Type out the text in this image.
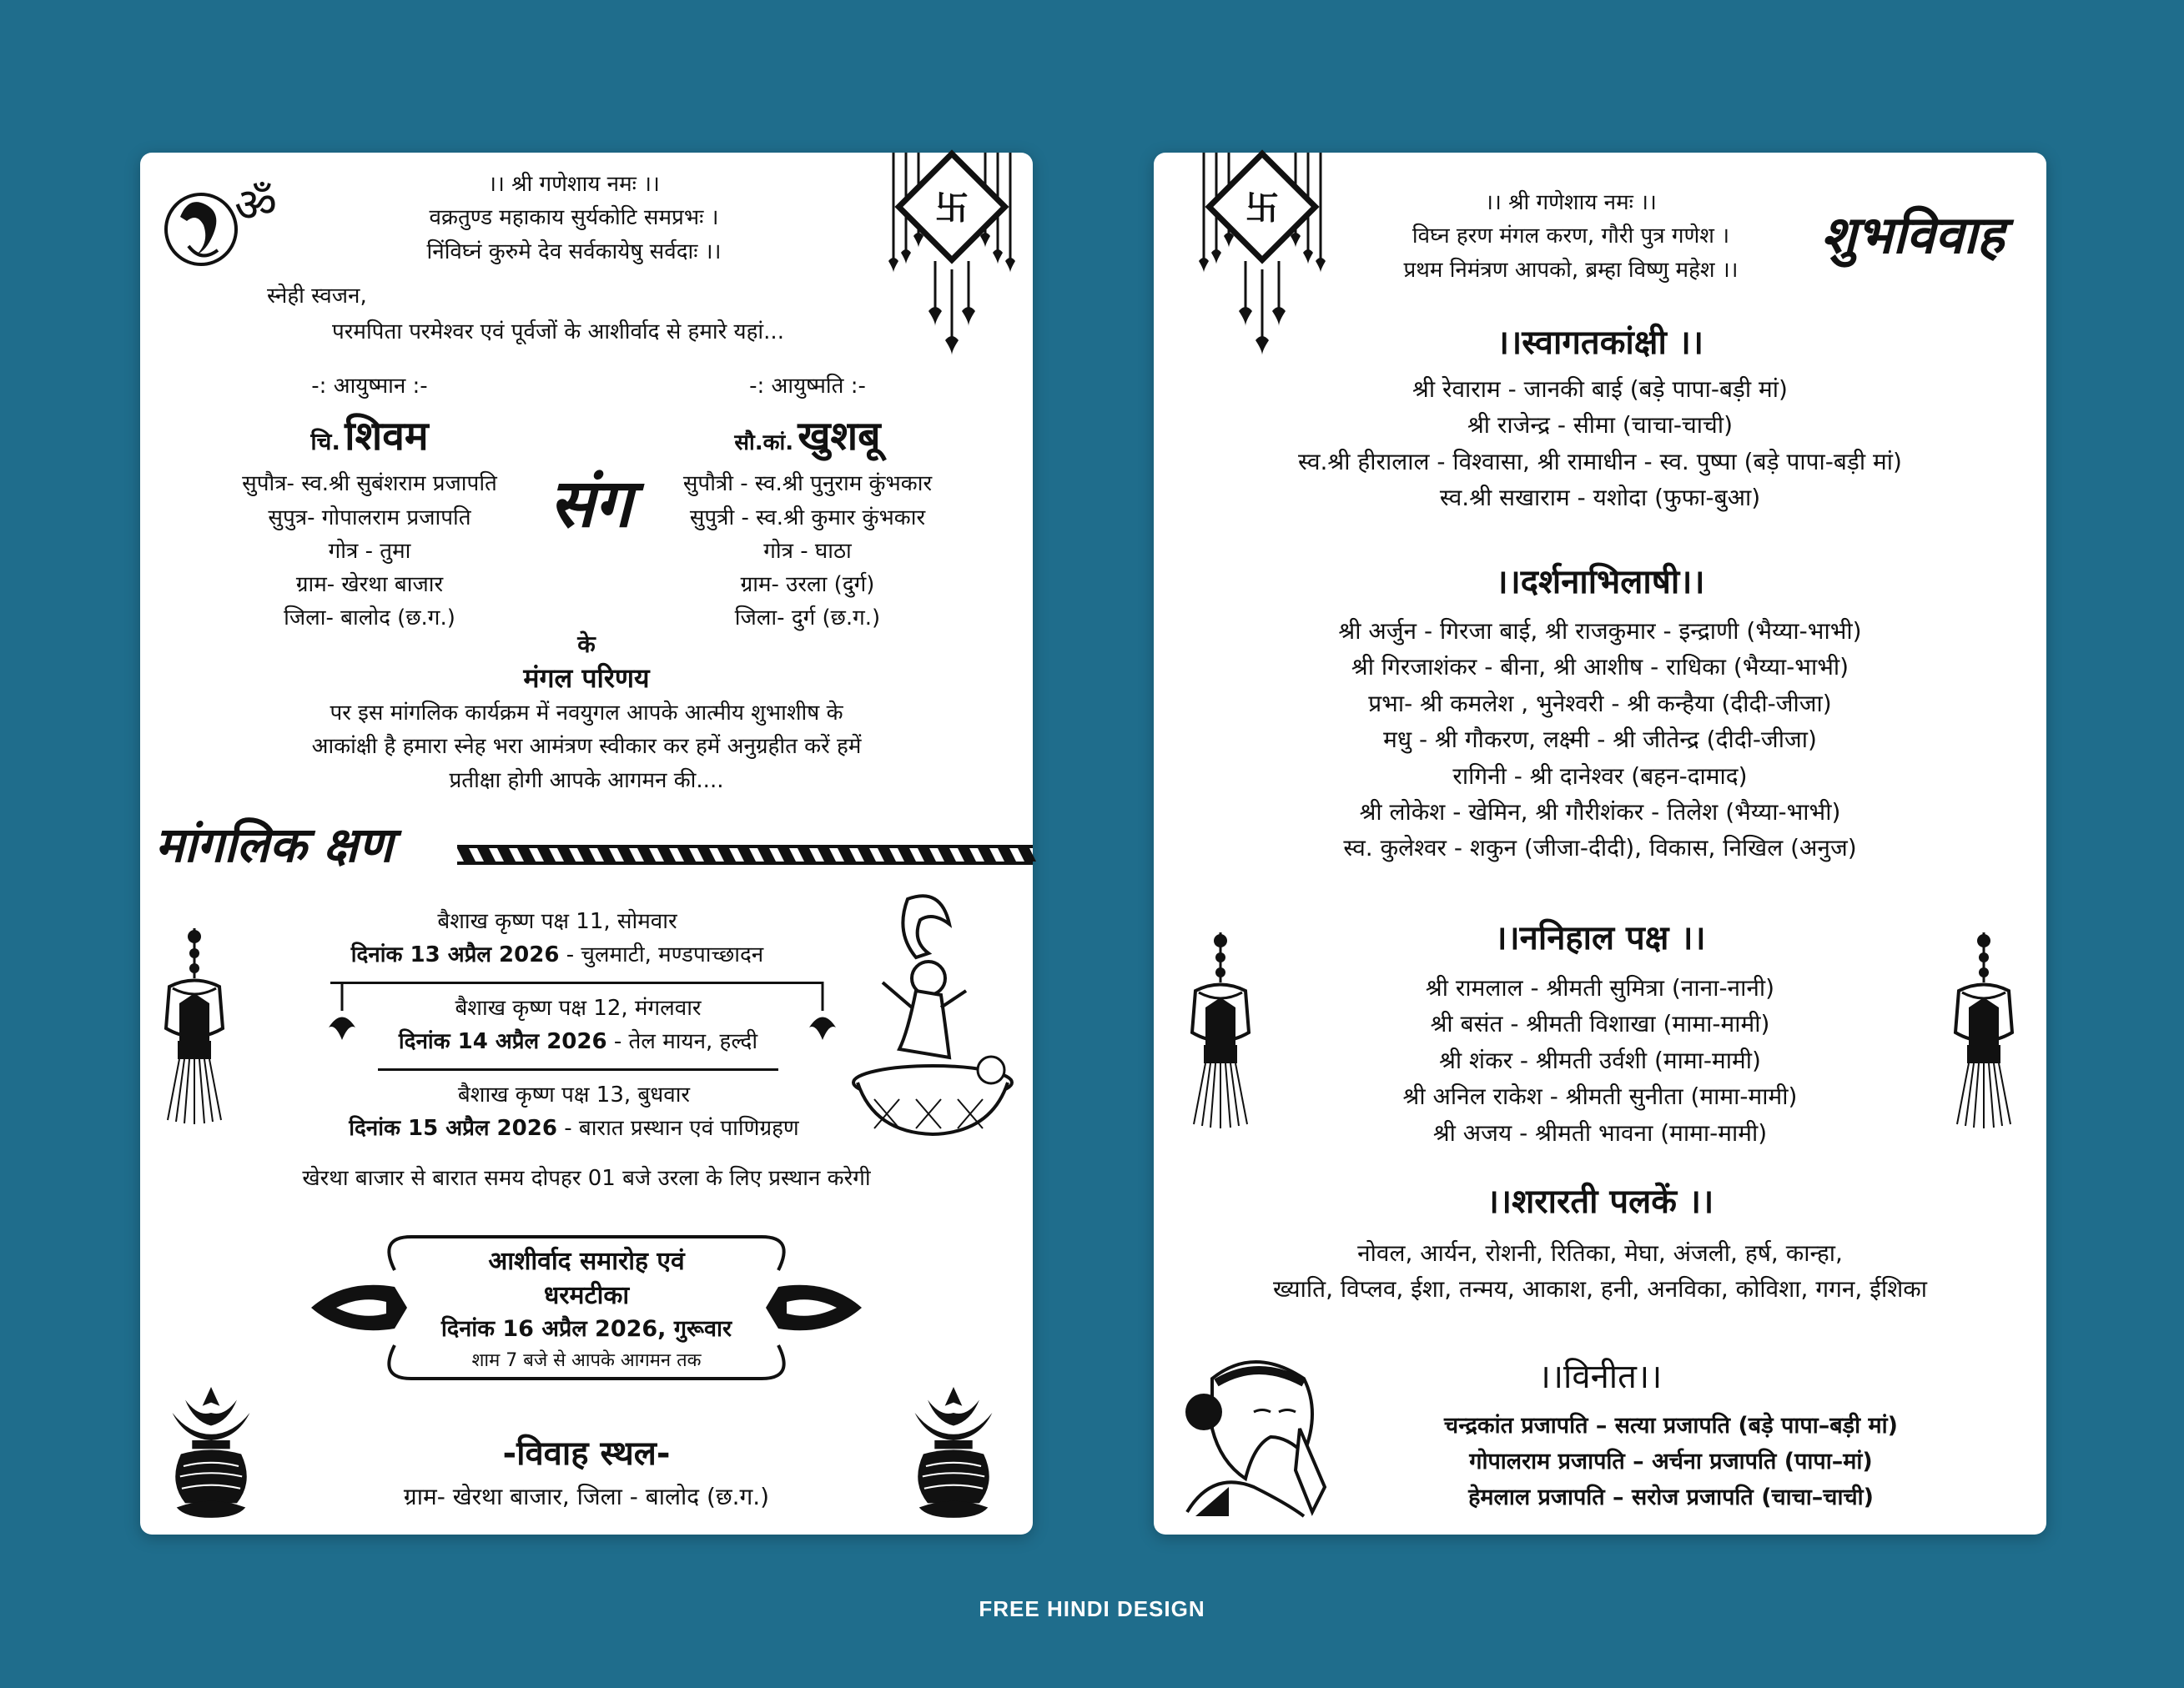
ॐ	।। श्री गणेशाय नमः ।।
वक्रतुण्ड महाकाय सुर्यकोटि समप्रभः ।
निंविघ्नं कुरुमे देव सर्वकायेषु सर्वदाः ।।
स्नेही स्वजन,
परमपिता परमेश्वर एवं पूर्वजों के आशीर्वाद से हमारे यहां...
-: आयुष्मान :-
चि. शिवम
सुपौत्र- स्व.श्री सुबंशराम प्रजापति
सुपुत्र- गोपालराम प्रजापति
गोत्र - तुमा
ग्राम- खेरथा बाजार
जिला- बालोद (छ.ग.)
संग
-: आयुष्मति :-
सौ.कां. खुशबू
सुपौत्री - स्व.श्री पुनुराम कुंभकार
सुपुत्री - स्व.श्री कुमार कुंभकार
गोत्र - घाठा
ग्राम- उरला (दुर्ग)
जिला- दुर्ग (छ.ग.)
के
मंगल परिणय
पर इस मांगलिक कार्यक्रम में नवयुगल आपके आत्मीय शुभाशीष के
आकांक्षी है हमारा स्नेह भरा आमंत्रण स्वीकार कर हमें अनुग्रहीत करें हमें
प्रतीक्षा होगी आपके आगमन की....
मांगलिक क्षण
बैशाख कृष्ण पक्ष 11, सोमवार
दिनांक 13 अप्रैल 2026 - चुलमाटी, मण्डपाच्छादन
बैशाख कृष्ण पक्ष 12, मंगलवार
दिनांक 14 अप्रैल 2026 - तेल मायन, हल्दी
बैशाख कृष्ण पक्ष 13, बुधवार
दिनांक 15 अप्रैल 2026 - बारात प्रस्थान एवं पाणिग्रहण
खेरथा बाजार से बारात समय दोपहर 01 बजे उरला के लिए प्रस्थान करेगी
आशीर्वाद समारोह एवं
धरमटीका
दिनांक 16 अप्रैल 2026, गुरूवार
शाम 7 बजे से आपके आगमन तक
-विवाह स्थल-
ग्राम- खेरथा बाजार, जिला - बालोद (छ.ग.)
।। श्री गणेशाय नमः ।।
विघ्न हरण मंगल करण, गौरी पुत्र गणेश ।
प्रथम निमंत्रण आपको, ब्रम्हा विष्णु महेश ।।
शुभविवाह
।।स्वागतकांक्षी ।।
श्री रेवाराम - जानकी बाई (बड़े पापा-बड़ी मां)
श्री राजेन्द्र - सीमा (चाचा-चाची)
स्व.श्री हीरालाल - विश्वासा, श्री रामाधीन - स्व. पुष्पा (बड़े पापा-बड़ी मां)
स्व.श्री सखाराम - यशोदा (फुफा-बुआ)
।।दर्शनाभिलाषी।।
श्री अर्जुन - गिरजा बाई, श्री राजकुमार - इन्द्राणी (भैय्या-भाभी)
श्री गिरजाशंकर - बीना, श्री आशीष - राधिका (भैय्या-भाभी)
प्रभा- श्री कमलेश , भुनेश्वरी - श्री कन्हैया (दीदी-जीजा)
मधु - श्री गौकरण, लक्ष्मी - श्री जीतेन्द्र (दीदी-जीजा)
रागिनी - श्री दानेश्वर (बहन-दामाद)
श्री लोकेश - खेमिन, श्री गौरीशंकर - तिलेश (भैय्या-भाभी)
स्व. कुलेश्वर - शकुन (जीजा-दीदी), विकास, निखिल (अनुज)
।।ननिहाल पक्ष ।।
श्री रामलाल - श्रीमती सुमित्रा (नाना-नानी)
श्री बसंत - श्रीमती विशाखा (मामा-मामी)
श्री शंकर - श्रीमती उर्वशी (मामा-मामी)
श्री अनिल राकेश - श्रीमती सुनीता (मामा-मामी)
श्री अजय - श्रीमती भावना (मामा-मामी)
।।शरारती पलकें ।।
नोवल, आर्यन, रोशनी, रितिका, मेघा, अंजली, हर्ष, कान्हा,
ख्याति, विप्लव, ईशा, तन्मय, आकाश, हनी, अनविका, कोविशा, गगन, ईशिका
।।विनीत।।
चन्द्रकांत प्रजापति – सत्या प्रजापति (बड़े पापा–बड़ी मां)
गोपालराम प्रजापति – अर्चना प्रजापति (पापा–मां)
हेमलाल प्रजापति – सरोज प्रजापति (चाचा–चाची)
FREE HINDI DESIGN
